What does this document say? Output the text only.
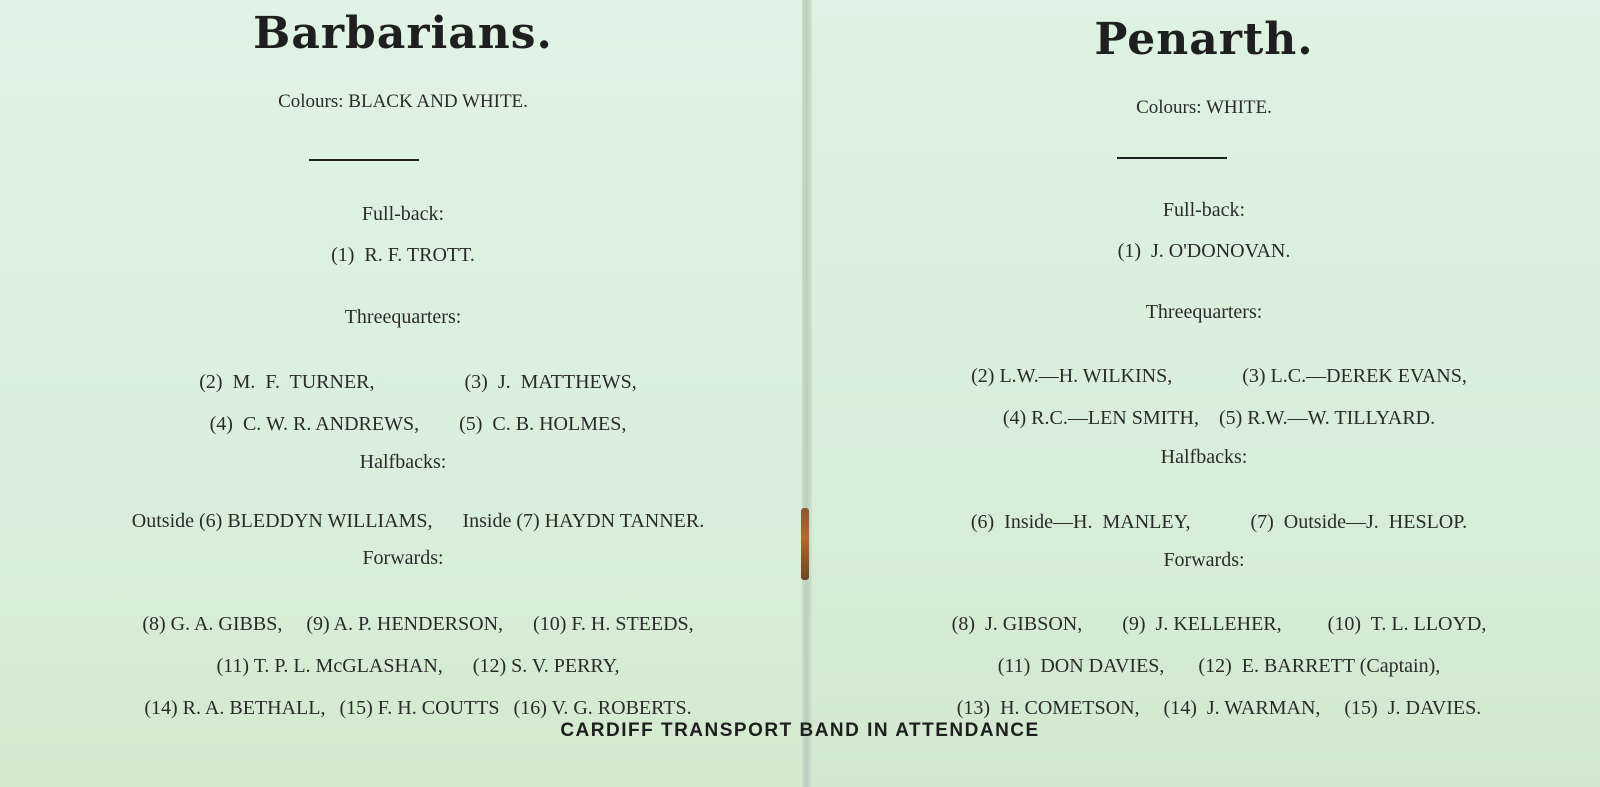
Barbarians.
Colours: BLACK AND WHITE.
Full-back:
(1)  R. F. TROTT.
Threequarters:

(2)  M.  F.  TURNER,	(3)  J.  MATTHEWS,

(4)  C. W. R. ANDREWS, (5)  C. B. HOLMES,

Halfbacks:

Outside (6) BLEDDYN WILLIAMS, Inside (7) HAYDN TANNER.

Forwards:

(8) G. A. GIBBS, (9) A. P. HENDERSON, (10) F. H. STEEDS,

(11) T. P. L. McGLASHAN, (12) S. V. PERRY,

(14) R. A. BETHALL, (15) F. H. COUTTS (16) V. G. ROBERTS.

Penarth.
Colours: WHITE.
Full-back:
(1)  J. O'DONOVAN.
Threequarters:

(2) L.W.—H. WILKINS,	(3) L.C.—DEREK EVANS,

(4) R.C.—LEN SMITH, (5) R.W.—W. TILLYARD.

Halfbacks:

(6)  Inside—H.  MANLEY,	(7)  Outside—J.  HESLOP.

Forwards:

(8)  J. GIBSON, (9)  J. KELLEHER, (10)  T. L. LLOYD,

(11)  DON DAVIES, (12)  E. BARRETT (Captain),

(13)  H. COMETSON, (14)  J. WARMAN, (15)  J. DAVIES.

CARDIFF TRANSPORT BAND IN ATTENDANCE
